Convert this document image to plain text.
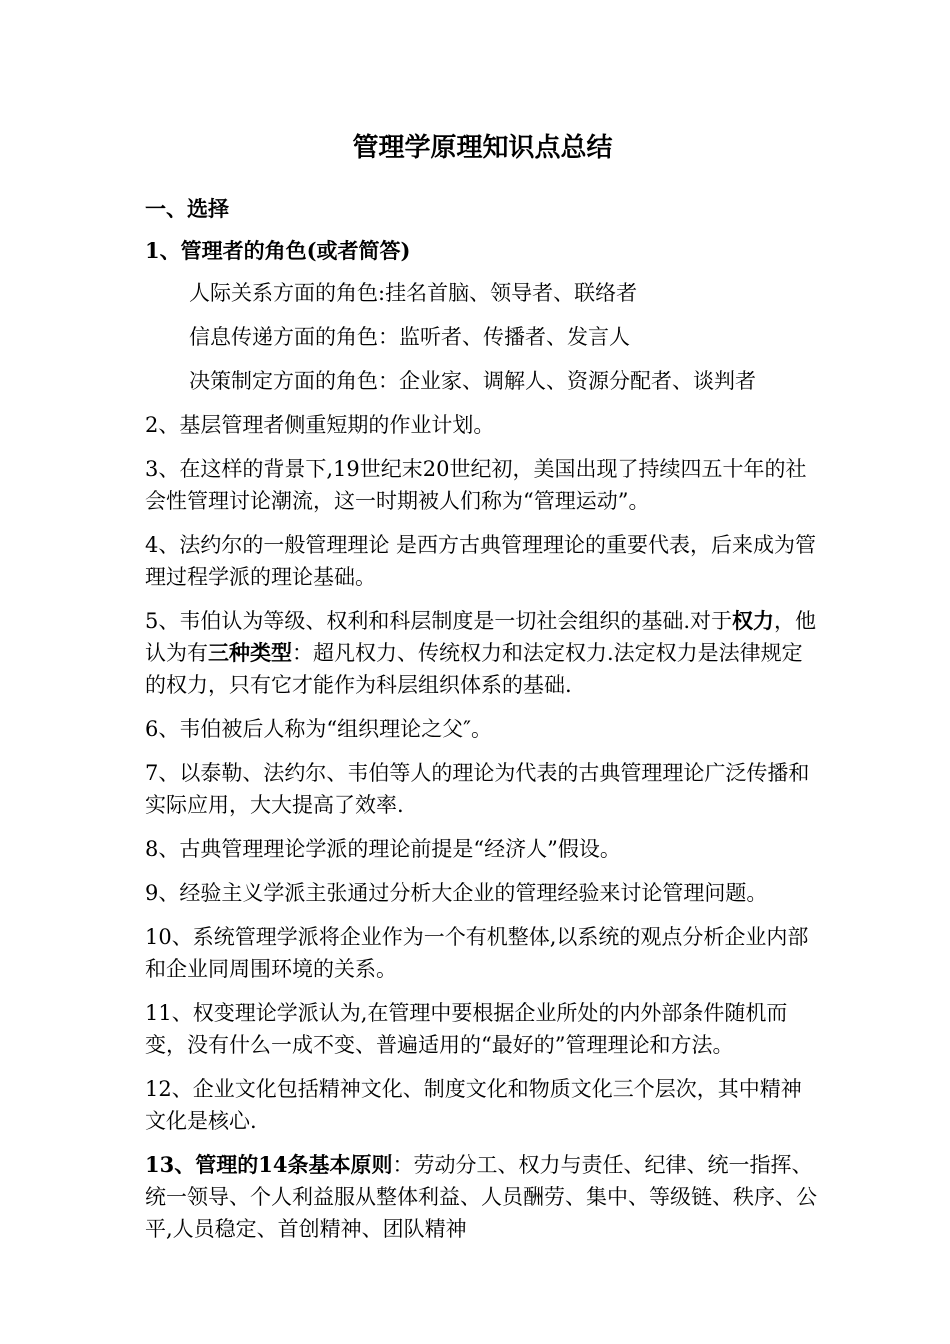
管理学原理知识点总结
一、选择
1、管理者的角色(或者简答)
人际关系方面的角色:挂名首脑、领导者、联络者
信息传递方面的角色：监听者、传播者、发言人
决策制定方面的角色：企业家、调解人、资源分配者、谈判者
2、基层管理者侧重短期的作业计划。
3、在这样的背景下,19世纪末20世纪初，美国出现了持续四五十年的社会性管理讨论潮流，这一时期被人们称为“管理运动”。
4、法约尔的一般管理理论 是西方古典管理理论的重要代表，后来成为管理过程学派的理论基础。
5、韦伯认为等级、权利和科层制度是一切社会组织的基础.对于权力，他认为有三种类型：超凡权力、传统权力和法定权力.法定权力是法律规定的权力，只有它才能作为科层组织体系的基础.
6、韦伯被后人称为“组织理论之父″。
7、以泰勒、法约尔、韦伯等人的理论为代表的古典管理理论广泛传播和实际应用，大大提高了效率.
8、古典管理理论学派的理论前提是“经济人”假设。
9、经验主义学派主张通过分析大企业的管理经验来讨论管理问题。
10、系统管理学派将企业作为一个有机整体,以系统的观点分析企业内部和企业同周围环境的关系。
11、权变理论学派认为,在管理中要根据企业所处的内外部条件随机而变，没有什么一成不变、普遍适用的“最好的”管理理论和方法。
12、企业文化包括精神文化、制度文化和物质文化三个层次，其中精神文化是核心.
13、管理的14条基本原则：劳动分工、权力与责任、纪律、统一指挥、统一领导、个人利益服从整体利益、人员酬劳、集中、等级链、秩序、公平,人员稳定、首创精神、团队精神
